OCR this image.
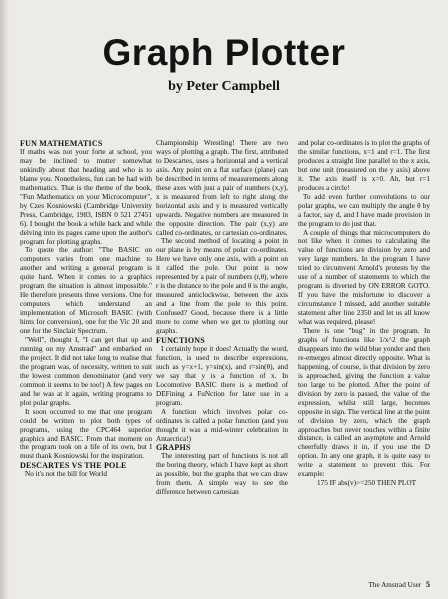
Graph Plotter
by Peter Campbell
FUN MATHEMATICS

If maths was not your forte at school, you may be inclined to mutter somewhat unkindly about that heading and who is to blame you. Nonetheless, fun can be had with mathematics. That is the theme of the book, "Fun Mathematics on your Microcomputer", by Czes Kosniowski (Cambridge University Press, Cambridge, 1983, ISBN 0 521 27451 6). I bought the book a while back and while delving into its pages came upon the author's program for plotting graphs.

To quote the author: "The BASIC on computers varies from one machine to another and writing a general program is quite hard. When it comes to a graphics program the situation is almost impossible." He therefore presents three versions. One for computers which understand an implementation of Microsoft BASIC (with hints for conversion), one for the Vic 20 and one for the Sinclair Spectrum.

"Well", thought I, "I can get that up and running on my Amstrad" and embarked on the project. It did not take long to realise that the program was, of necessity, written to suit the lowest common denominator (and very common it seems to be too!) A few pages on and he was at it again, writing programs to plot polar graphs.

It soon occurred to me that one program could be written to plot both types of programs, using the CPC464 superior graphics and BASIC. From that moment on the program took on a life of its own, but I must thank Kosniowski for the inspiration.

DESCARTES VS THE POLE

No it's not the bill for World

Championship Wrestling! There are two ways of plotting a graph. The first, attributed to Descartes, uses a horizontal and a vertical axis. Any point on a flat surface (plane) can be described in terms of measurements along these axes with just a pair of numbers (x,y), x is measured from left to right along the horizontal axis and y is measured vertically upwards. Negative numbers are measured in the opposite direction. The pair (x,y) are called co-ordinates, or cartesian co-ordinates.

The second method of locating a point in our plane is by means of polar co-ordinates. Here we have only one axis, with a point on it called the pole. Our point is now represented by a pair of numbers (r,θ), where r is the distance to the pole and θ is the angle, measured anticlockwise, between the axis and a line from the pole to this point. Confused? Good, because there is a little more to come when we get to plotting our graphs.

FUNCTIONS

I certainly hope it does! Actually the word, function, is used to describe expressions, such as y=x+1, y=sin(x), and r=sin(θ), and we say that y is a function of x. In Locomotive BASIC there is a method of DEFining a FuNction for later use in a program.

A function which involves polar co-ordinates is called a polar function (and you thought it was a mid-winter celebration in Antarctica!)

GRAPHS

The interesting part of functions is not all the boring theory, which I have kept as short as possible, but the graphs that we can draw from them. A simple way to see the difference between cartesian

and polar co-ordinates is to plot the graphs of the similar functions, x=1 and r=1. The first produces a straight line parallel to the x axis, but one unit (measured on the y axis) above it. The axis itself is x=0. Ah, but r=1 produces a circle!

To add even further convolutions to our polar graphs, we can multiply the angle θ by a factor, say d, and I have made provision in the program to do just that.

A couple of things that microcomputers do not like when it comes to calculating the value of functions are division by zero and very large numbers. In the program I have tried to circumvent Arnold's protests by the use of a number of statements to which the program is diverted by ON ERROR GOTO. If you have the misfortune to discover a circumstance I missed, add another suitable statement after line 2350 and let us all know what was required, please!

There is one "bug" in the program. In graphs of functions like 1/x^2 the graph disappears into the wild blue yonder and then re-emerges almost directly opposite. What is happening, of course, is that division by zero is approached, giving the function a value too large to be plotted. After the point of division by zero is passed, the value of the expression, whilst still large, becomes opposite in sign. The vertical line at the point of division by zero, which the graph approaches but never touches within a finite distance, is called an asymptote and Arnold cheerfully draws it in, if you use the D option. In any one graph, it is quite easy to write a statement to prevent this. For example:

175 IF abs(v)>=250 THEN PLOT

The Amstrad User 5
